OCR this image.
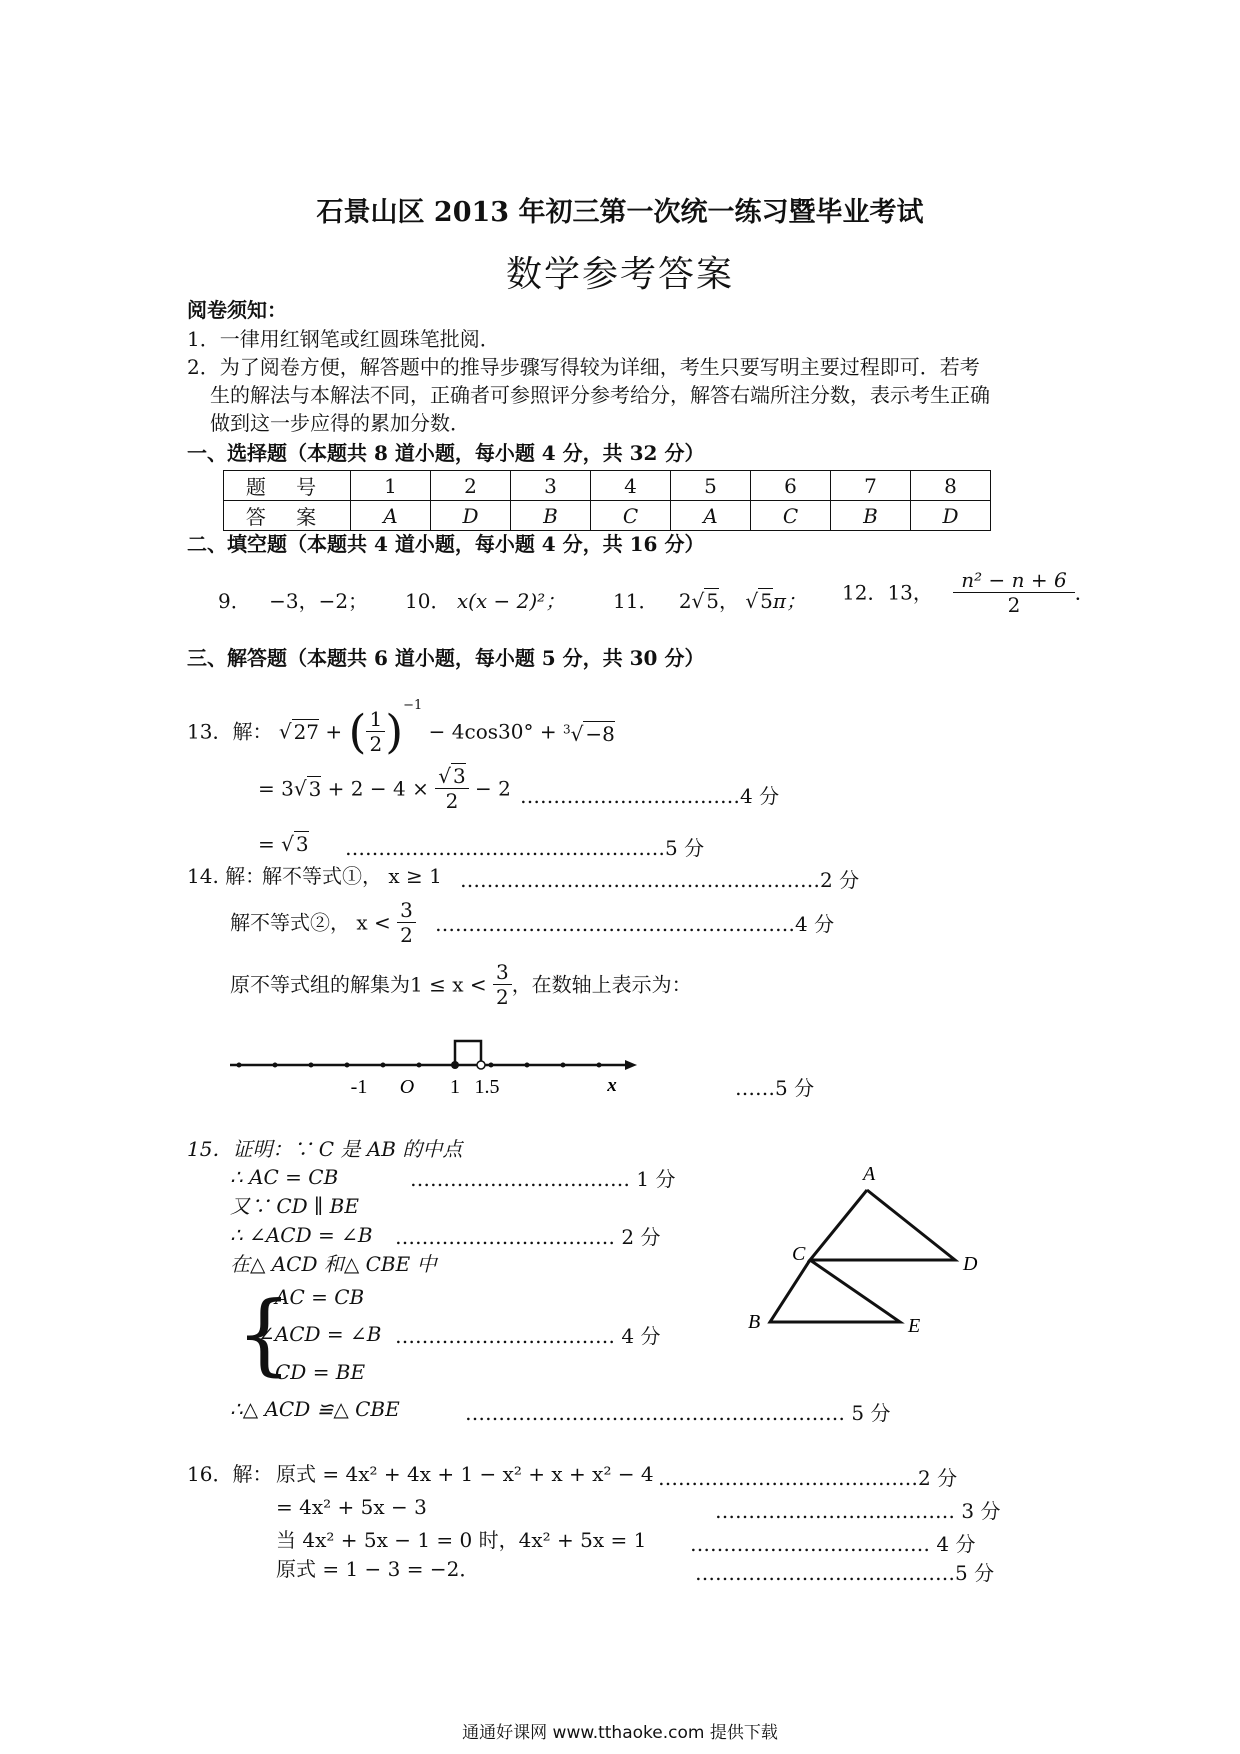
石景山区 2013 年初三第一次统一练习暨毕业考试
数学参考答案
阅卷须知：
1．一律用红钢笔或红圆珠笔批阅．
2．为了阅卷方便，解答题中的推导步骤写得较为详细，考生只要写明主要过程即可．若考
生的解法与本解法不同，正确者可参照评分参考给分，解答右端所注分数，表示考生正确
做到这一步应得的累加分数．
一、选择题（本题共 8 道小题，每小题 4 分，共 32 分）
题 号	1	2	3	4	5	6	7	8
答 案	A	D	B	C	A	C	B	D
二、填空题（本题共 4 道小题，每小题 4 分，共 16 分）
9． −3，−2； 10． x(x − 2)²； 11． 2√ 5， √ 5π； 12．13， $\frac{\text{n² − n + 6}}{2}$ ．
三、解答题（本题共 6 道小题，每小题 5 分，共 30 分）
13．解： √ 27 + ( $\frac{1}{2} )^{-1} - 4\cos 30^\circ + ^3√ -8$
= 3√ $3 + 2 - 4 \times \frac{√ 3}{2} - 2$ ……………………………4 分
= √ 3 …………………………………………5 分
14. 解：
解不等式①， x ≥ 1 ………………………………………………2 分
解不等式②， $x < \frac{3}{2}$ ………………………………………………4 分
原不等式组的解集为$1 \le x < \frac{3}{2}$ ，在数轴上表示为：
-1 O 1 1.5	x	……5 分
15．证明：∵ C 是 AB 的中点
∴ AC = CB	…………………………… 1 分
又∵ CD ∥ BE
∴ ∠ACD = ∠B …………………………… 2 分
在△ ACD 和△ CBE 中
{
AC = CB
∠ACD = ∠B …………………………… 4 分
CD = BE
∴△ ACD ≌△ CBE	………………………………………………… 5 分
A
C	D
B	E
16．解： 原式 = 4x² + 4x + 1 − x² + x + x² − 4 …………………………………2 分
= 4x² + 5x − 3	……………………………… 3 分
当 4x² + 5x − 1 = 0 时，4x² + 5x = 1 ……………………………… 4 分
原式 = 1 − 3 = −2．	…………………………………5 分
通通好课网 www.tthaoke.com 提供下载
